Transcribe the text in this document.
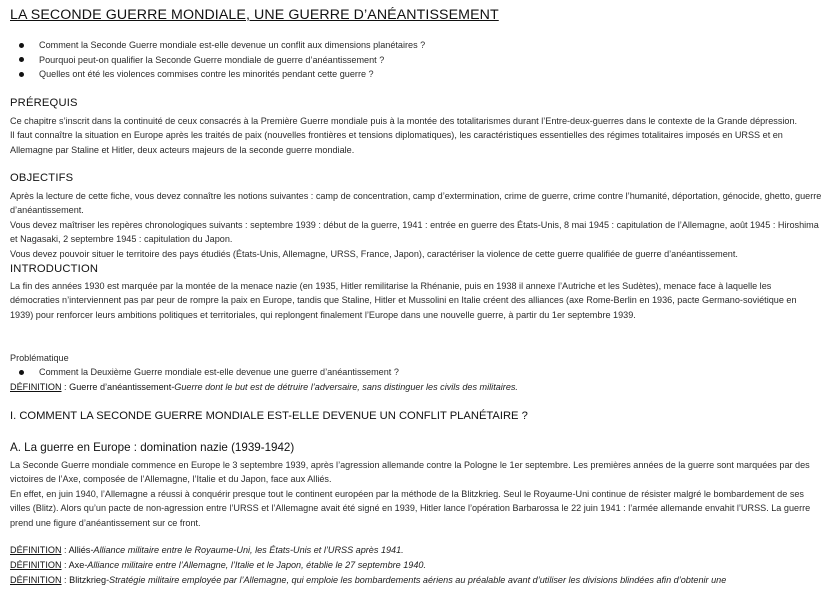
LA SECONDE GUERRE MONDIALE, UNE GUERRE D’ANÉANTISSEMENT
Comment la Seconde Guerre mondiale est-elle devenue un conflit aux dimensions planétaires ?
Pourquoi peut-on qualifier la Seconde Guerre mondiale de guerre d’anéantissement ?
Quelles ont été les violences commises contre les minorités pendant cette guerre ?
PRÉREQUIS

Ce chapitre s’inscrit dans la continuité de ceux consacrés à la Première Guerre mondiale puis à la montée des totalitarismes durant l’Entre-deux-guerres dans le contexte de la Grande dépression.

Il faut connaître la situation en Europe après les traités de paix (nouvelles frontières et tensions diplomatiques), les caractéristiques essentielles des régimes totalitaires imposés en URSS et en Allemagne par Staline et Hitler, deux acteurs majeurs de la seconde guerre mondiale.

OBJECTIFS

Après la lecture de cette fiche, vous devez connaître les notions suivantes : camp de concentration, camp d’extermination, crime de guerre, crime contre l’humanité, déportation, génocide, ghetto, guerre d’anéantissement.

Vous devez maîtriser les repères chronologiques suivants : septembre 1939 : début de la guerre, 1941 : entrée en guerre des États-Unis, 8 mai 1945 : capitulation de l’Allemagne, août 1945 : Hiroshima et Nagasaki, 2 septembre 1945 : capitulation du Japon.

Vous devez pouvoir situer le territoire des pays étudiés (États-Unis, Allemagne, URSS, France, Japon), caractériser la violence de cette guerre qualifiée de guerre d’anéantissement.

INTRODUCTION

La fin des années 1930 est marquée par la montée de la menace nazie (en 1935, Hitler remilitarise la Rhénanie, puis en 1938 il annexe l’Autriche et les Sudètes), menace face à laquelle les démocraties n’interviennent pas par peur de rompre la paix en Europe, tandis que Staline, Hitler et Mussolini en Italie créent des alliances (axe Rome-Berlin en 1936, pacte Germano-soviétique en 1939) pour renforcer leurs ambitions politiques et territoriales, qui replongent finalement l’Europe dans une nouvelle guerre, à partir du 1er septembre 1939.

Problématique
Comment la Deuxième Guerre mondiale est-elle devenue une guerre d’anéantissement ?
DÉFINITION : Guerre d’anéantissement-Guerre dont le but est de détruire l’adversaire, sans distinguer les civils des militaires.
I. COMMENT LA SECONDE GUERRE MONDIALE EST-ELLE DEVENUE UN CONFLIT PLANÉTAIRE ?
A. La guerre en Europe : domination nazie (1939-1942)

La Seconde Guerre mondiale commence en Europe le 3 septembre 1939, après l’agression allemande contre la Pologne le 1er septembre. Les premières années de la guerre sont marquées par des victoires de l’Axe, composée de l’Allemagne, l’Italie et du Japon, face aux Alliés.

En effet, en juin 1940, l’Allemagne a réussi à conquérir presque tout le continent européen par la méthode de la Blitzkrieg. Seul le Royaume-Uni continue de résister malgré le bombardement de ses villes (Blitz). Alors qu’un pacte de non-agression entre l’URSS et l’Allemagne avait été signé en 1939, Hitler lance l’opération Barbarossa le 22 juin 1941 : l’armée allemande envahit l’URSS. La guerre prend une figure d’anéantissement sur ce front.

DÉFINITION : Alliés-Alliance militaire entre le Royaume-Uni, les États-Unis et l’URSS après 1941.
DÉFINITION : Axe-Alliance militaire entre l’Allemagne, l’Italie et le Japon, établie le 27 septembre 1940.
DÉFINITION : Blitzkrieg-Stratégie militaire employée par l’Allemagne, qui emploie les bombardements aériens au préalable avant d’utiliser les divisions blindées afin d’obtenir une
